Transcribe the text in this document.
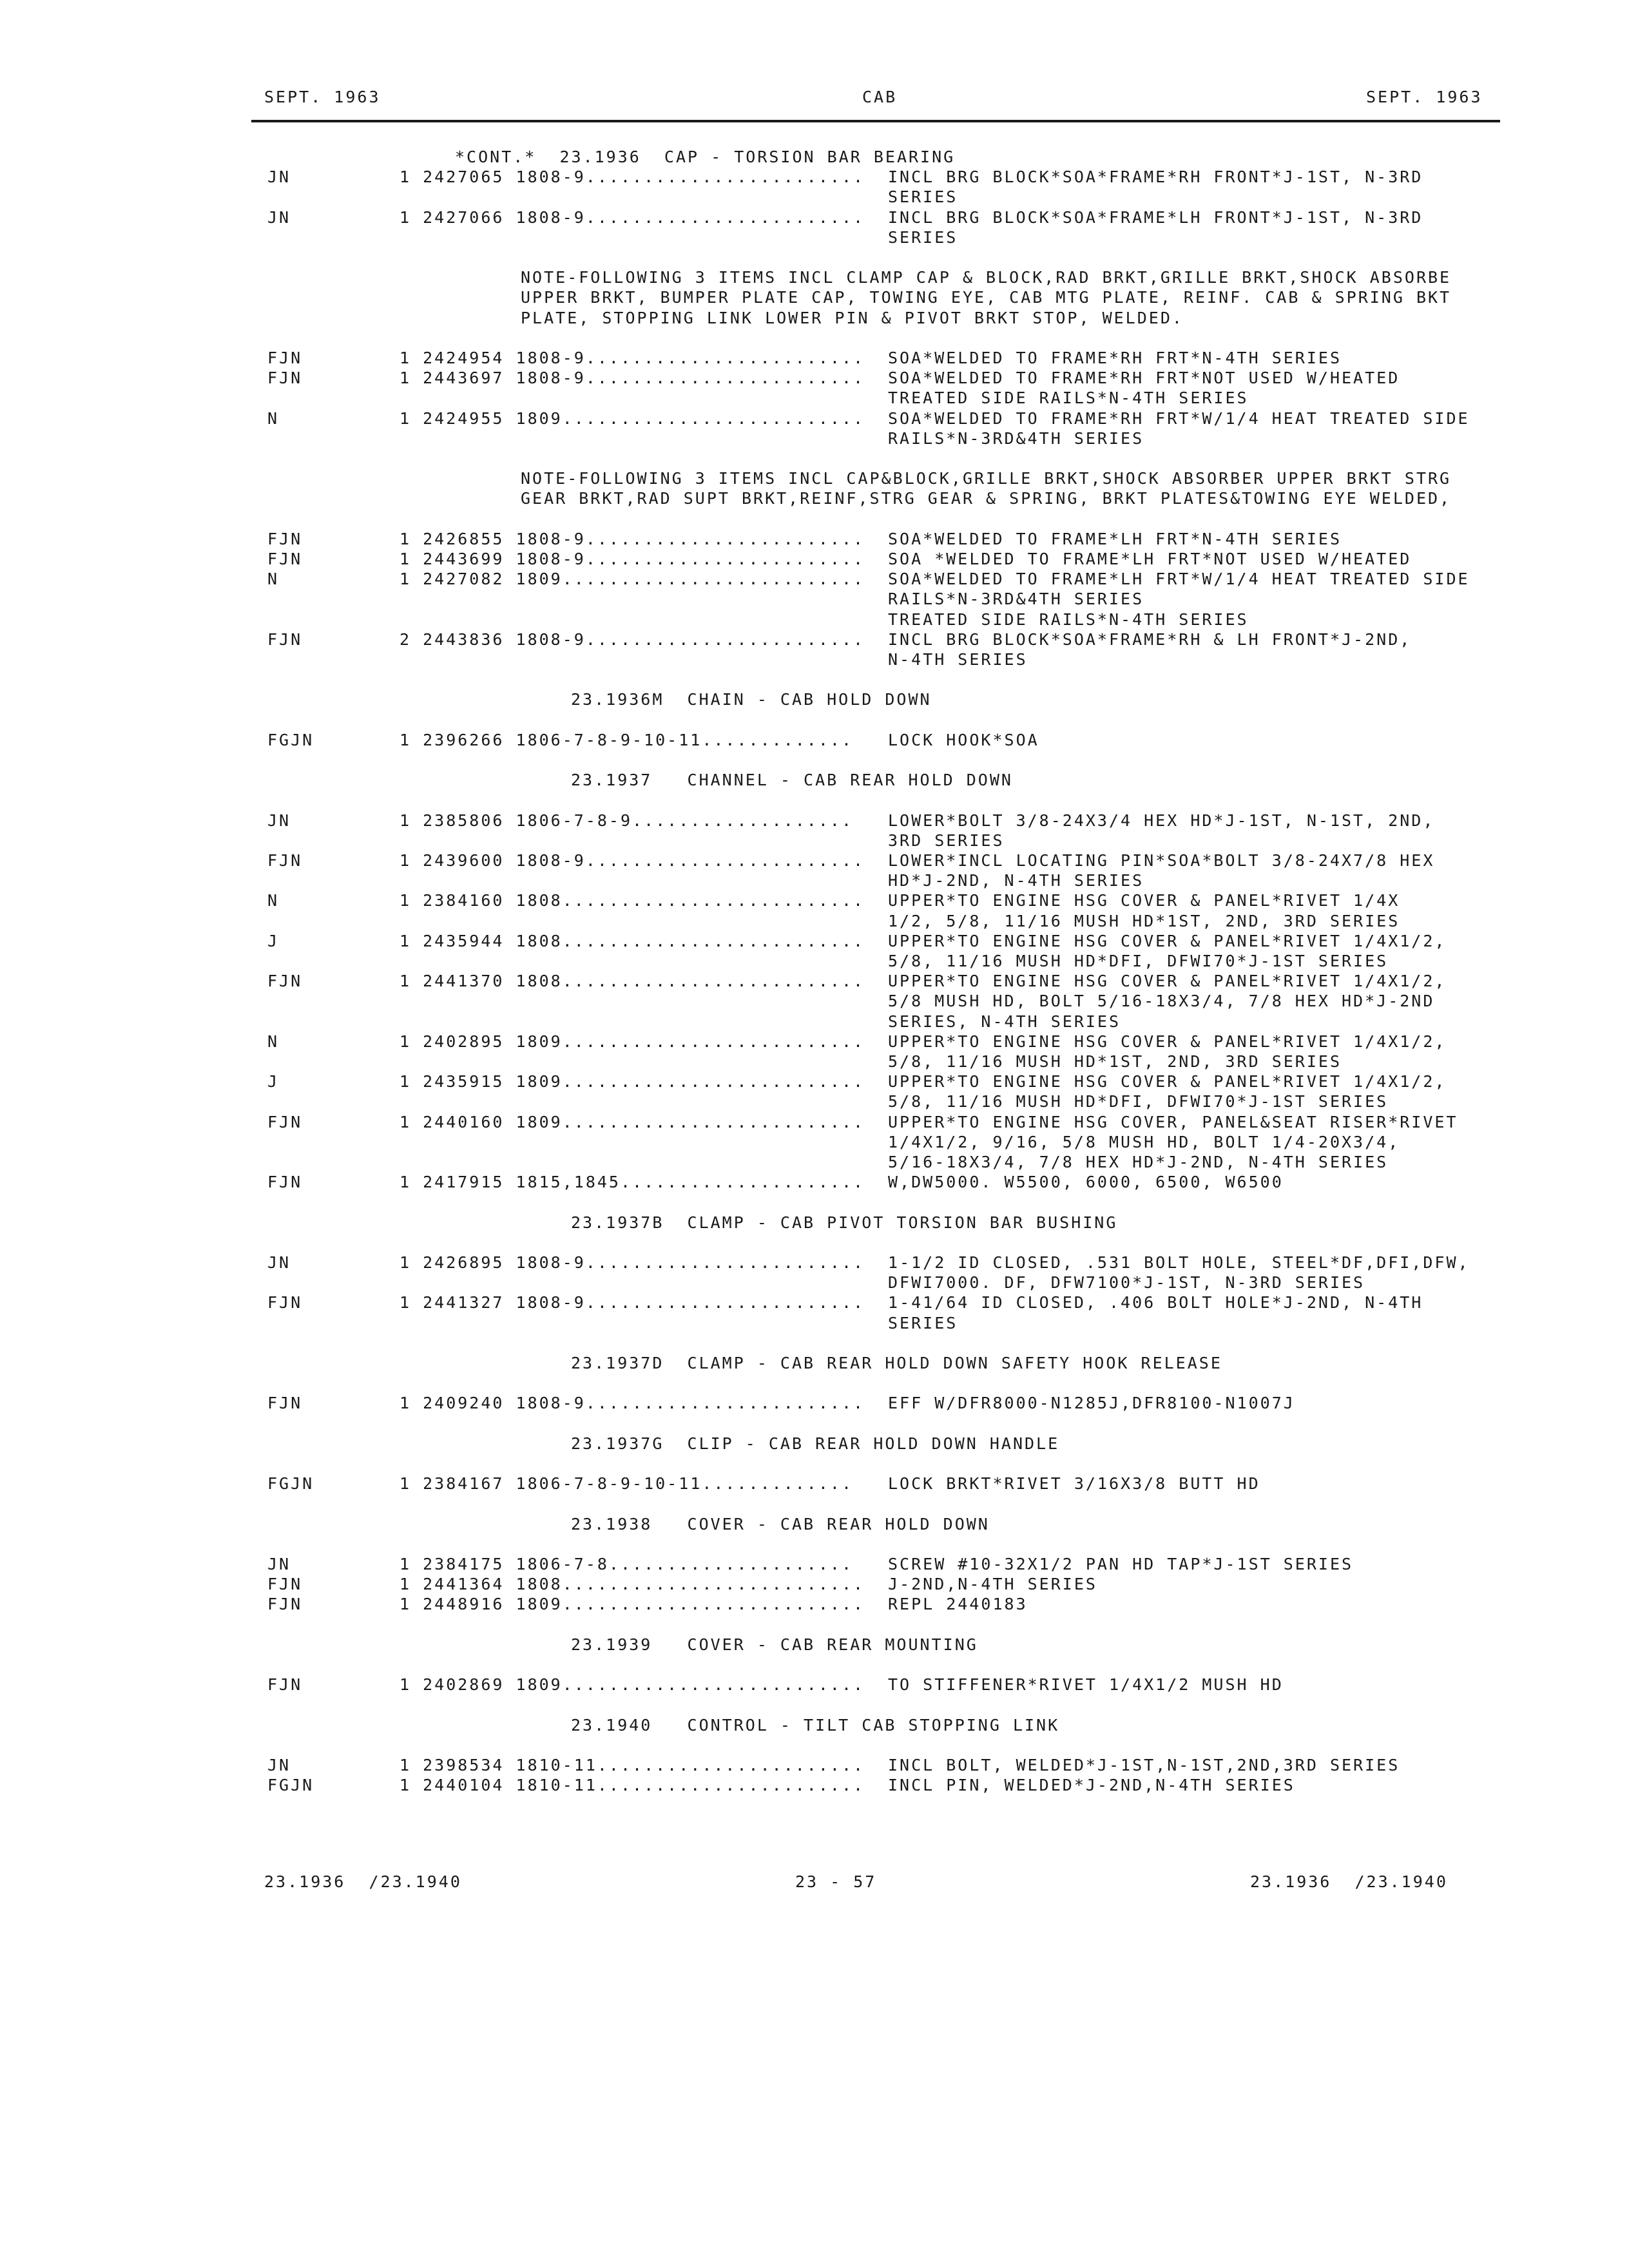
SEPT. 1963	CAB	SEPT. 1963
*CONT.*  23.1936  CAP - TORSION BAR BEARING
JN	1 2427065 1808-9........................ INCL BRG BLOCK*SOA*FRAME*RH FRONT*J-1ST, N-3RD
SERIES
JN	1 2427066 1808-9........................ INCL BRG BLOCK*SOA*FRAME*LH FRONT*J-1ST, N-3RD
SERIES
NOTE-FOLLOWING 3 ITEMS INCL CLAMP CAP & BLOCK,RAD BRKT,GRILLE BRKT,SHOCK ABSORBE
UPPER BRKT, BUMPER PLATE CAP, TOWING EYE, CAB MTG PLATE, REINF. CAB & SPRING BKT
PLATE, STOPPING LINK LOWER PIN & PIVOT BRKT STOP, WELDED.
FJN	1 2424954 1808-9........................ SOA*WELDED TO FRAME*RH FRT*N-4TH SERIES
FJN	1 2443697 1808-9........................ SOA*WELDED TO FRAME*RH FRT*NOT USED W/HEATED
TREATED SIDE RAILS*N-4TH SERIES
N	1 2424955 1809.......................... SOA*WELDED TO FRAME*RH FRT*W/1/4 HEAT TREATED SIDE
RAILS*N-3RD&4TH SERIES
NOTE-FOLLOWING 3 ITEMS INCL CAP&BLOCK,GRILLE BRKT,SHOCK ABSORBER UPPER BRKT STRG
GEAR BRKT,RAD SUPT BRKT,REINF,STRG GEAR & SPRING, BRKT PLATES&TOWING EYE WELDED,
FJN	1 2426855 1808-9........................ SOA*WELDED TO FRAME*LH FRT*N-4TH SERIES
FJN	1 2443699 1808-9........................ SOA *WELDED TO FRAME*LH FRT*NOT USED W/HEATED
N	1 2427082 1809.......................... SOA*WELDED TO FRAME*LH FRT*W/1/4 HEAT TREATED SIDE
RAILS*N-3RD&4TH SERIES
TREATED SIDE RAILS*N-4TH SERIES
FJN	2 2443836 1808-9........................ INCL BRG BLOCK*SOA*FRAME*RH & LH FRONT*J-2ND,
N-4TH SERIES
23.1936M  CHAIN - CAB HOLD DOWN
FGJN	1 2396266 1806-7-8-9-10-11............. LOCK HOOK*SOA
23.1937   CHANNEL - CAB REAR HOLD DOWN
JN	1 2385806 1806-7-8-9................... LOWER*BOLT 3/8-24X3/4 HEX HD*J-1ST, N-1ST, 2ND,
3RD SERIES
FJN	1 2439600 1808-9........................ LOWER*INCL LOCATING PIN*SOA*BOLT 3/8-24X7/8 HEX
HD*J-2ND, N-4TH SERIES
N	1 2384160 1808.......................... UPPER*TO ENGINE HSG COVER & PANEL*RIVET 1/4X
1/2, 5/8, 11/16 MUSH HD*1ST, 2ND, 3RD SERIES
J	1 2435944 1808.......................... UPPER*TO ENGINE HSG COVER & PANEL*RIVET 1/4X1/2,
5/8, 11/16 MUSH HD*DFI, DFWI70*J-1ST SERIES
FJN	1 2441370 1808.......................... UPPER*TO ENGINE HSG COVER & PANEL*RIVET 1/4X1/2,
5/8 MUSH HD, BOLT 5/16-18X3/4, 7/8 HEX HD*J-2ND
SERIES, N-4TH SERIES
N	1 2402895 1809.......................... UPPER*TO ENGINE HSG COVER & PANEL*RIVET 1/4X1/2,
5/8, 11/16 MUSH HD*1ST, 2ND, 3RD SERIES
J	1 2435915 1809.......................... UPPER*TO ENGINE HSG COVER & PANEL*RIVET 1/4X1/2,
5/8, 11/16 MUSH HD*DFI, DFWI70*J-1ST SERIES
FJN	1 2440160 1809.......................... UPPER*TO ENGINE HSG COVER, PANEL&SEAT RISER*RIVET
1/4X1/2, 9/16, 5/8 MUSH HD, BOLT 1/4-20X3/4,
5/16-18X3/4, 7/8 HEX HD*J-2ND, N-4TH SERIES
FJN	1 2417915 1815,1845..................... W,DW5000. W5500, 6000, 6500, W6500
23.1937B  CLAMP - CAB PIVOT TORSION BAR BUSHING
JN	1 2426895 1808-9........................ 1-1/2 ID CLOSED, .531 BOLT HOLE, STEEL*DF,DFI,DFW,
DFWI7000. DF, DFW7100*J-1ST, N-3RD SERIES
FJN	1 2441327 1808-9........................ 1-41/64 ID CLOSED, .406 BOLT HOLE*J-2ND, N-4TH
SERIES
23.1937D  CLAMP - CAB REAR HOLD DOWN SAFETY HOOK RELEASE
FJN	1 2409240 1808-9........................ EFF W/DFR8000-N1285J,DFR8100-N1007J
23.1937G  CLIP - CAB REAR HOLD DOWN HANDLE
FGJN	1 2384167 1806-7-8-9-10-11............. LOCK BRKT*RIVET 3/16X3/8 BUTT HD
23.1938   COVER - CAB REAR HOLD DOWN
JN	1 2384175 1806-7-8..................... SCREW #10-32X1/2 PAN HD TAP*J-1ST SERIES
FJN	1 2441364 1808.......................... J-2ND,N-4TH SERIES
FJN	1 2448916 1809.......................... REPL 2440183
23.1939   COVER - CAB REAR MOUNTING
FJN	1 2402869 1809.......................... TO STIFFENER*RIVET 1/4X1/2 MUSH HD
23.1940   CONTROL - TILT CAB STOPPING LINK
JN	1 2398534 1810-11....................... INCL BOLT, WELDED*J-1ST,N-1ST,2ND,3RD SERIES
FGJN	1 2440104 1810-11....................... INCL PIN, WELDED*J-2ND,N-4TH SERIES
23.1936  /23.1940	23 - 57	23.1936  /23.1940
